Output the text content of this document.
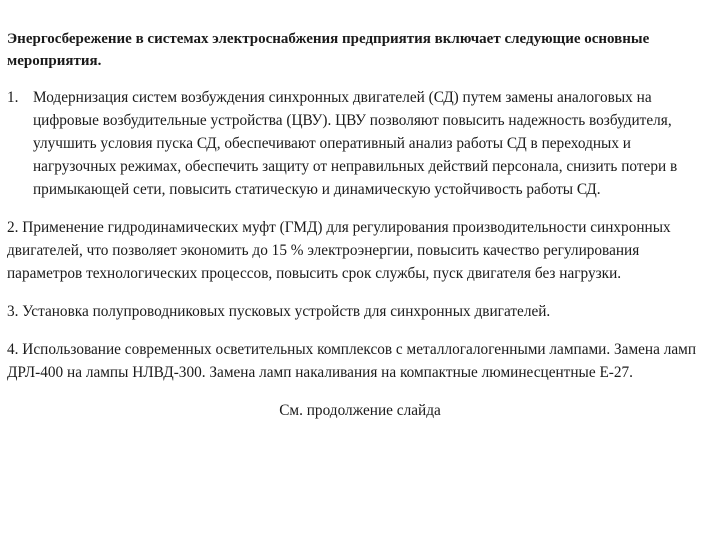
Энергосбережение в системах электроснабжения предприятия включает следующие основные мероприятия.
1. Модернизация систем возбуждения синхронных двигателей (СД) путем замены аналоговых на цифровые возбудительные устройства (ЦВУ). ЦВУ позволяют повысить надежность возбудителя, улучшить условия пуска СД, обеспечивают оперативный анализ работы СД в переходных и нагрузочных режимах, обеспечить защиту от неправильных действий персонала, снизить потери в примыкающей сети, повысить статическую и динамическую устойчивость работы СД.
2. Применение гидродинамических муфт (ГМД) для регулирования производительности синхронных двигателей, что позволяет экономить до 15 % электроэнергии, повысить качество регулирования параметров технологических процессов, повысить срок службы, пуск двигателя без нагрузки.
3. Установка полупроводниковых пусковых устройств для синхронных двигателей.
4. Использование современных осветительных комплексов с металлогалогенными лампами. Замена ламп ДРЛ-400 на лампы НЛВД-300. Замена ламп накаливания на компактные люминесцентные Е-27.
См. продолжение слайда
